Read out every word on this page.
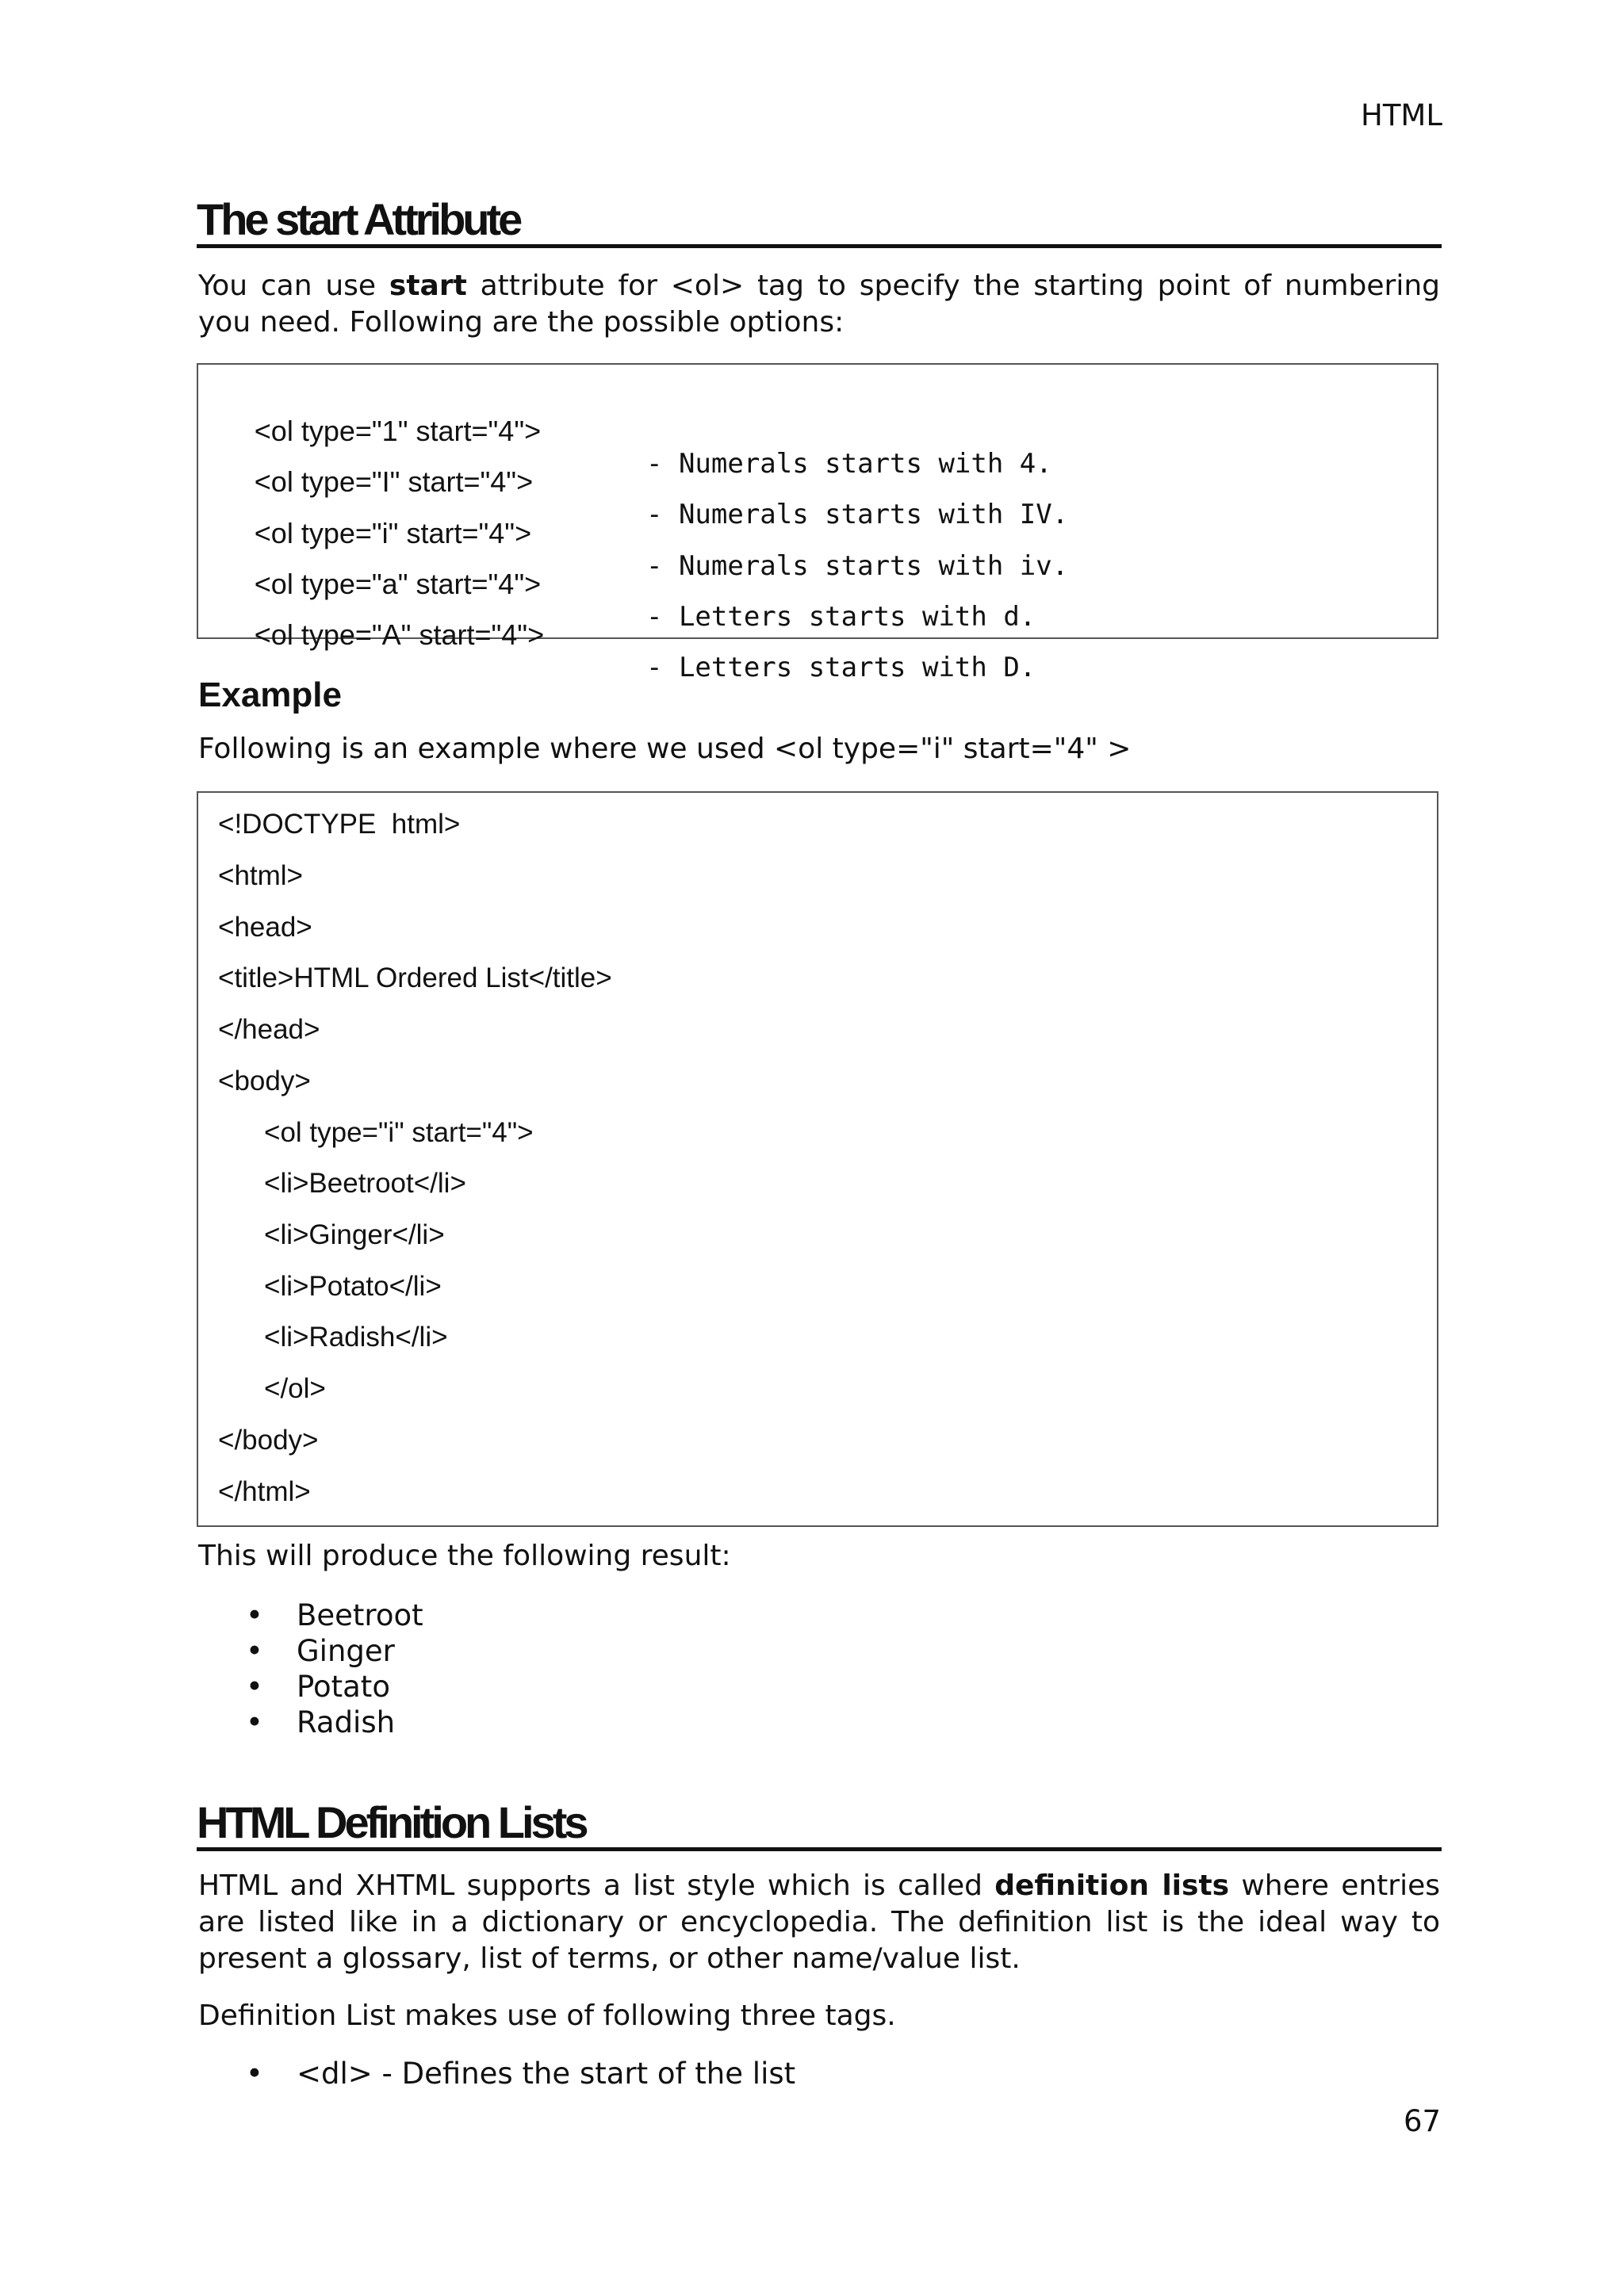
HTML
The start Attribute
You can use start attribute for <ol> tag to specify the starting point of numbering you need. Following are the possible options:

<ol type="1" start="4">

- Numerals starts with 4.

<ol type="I" start="4">

- Numerals starts with IV.

<ol type="i" start="4">

- Numerals starts with iv.

<ol type="a" start="4">

- Letters starts with d.

<ol type="A" start="4">

- Letters starts with D.

Example
Following is an example where we used <ol type="i" start="4" >
<!DOCTYPE  html>
<html>
<head>
<title>HTML Ordered List</title>
</head>
<body>
<ol type="i" start="4">
<li>Beetroot</li>
<li>Ginger</li>
<li>Potato</li>
<li>Radish</li>
</ol>
</body>
</html>
This will produce the following result:
• Beetroot
• Ginger
• Potato
• Radish
HTML Definition Lists
HTML and XHTML supports a list style which is called definition lists where entries are listed like in a dictionary or encyclopedia. The definition list is the ideal way to present a glossary, list of terms, or other name/value list.
Definition List makes use of following three tags.
• <dl> - Defines the start of the list
67
